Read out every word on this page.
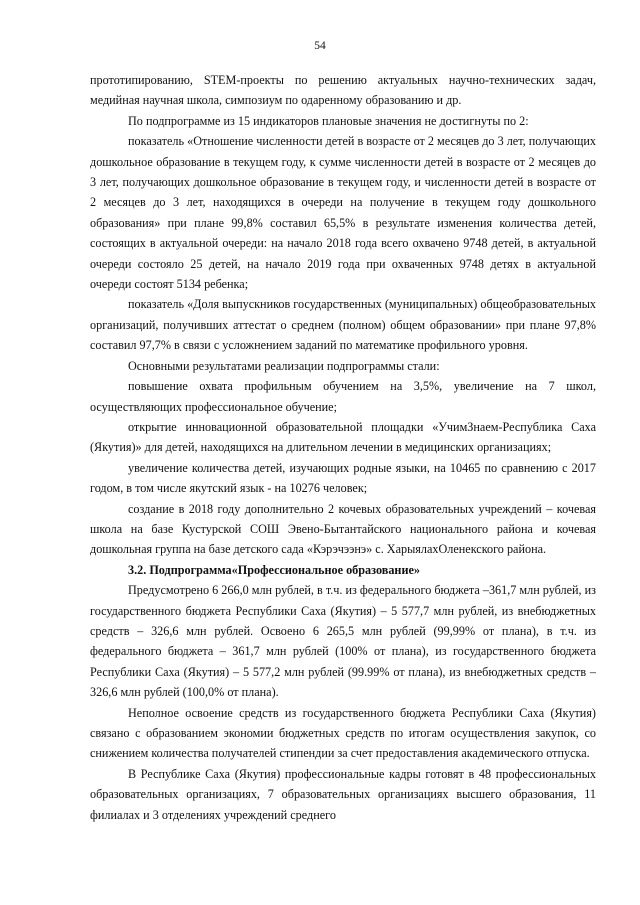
54

прототипированию, STEM-проекты по решению актуальных научно-технических задач, медийная научная школа, симпозиум по одаренному образованию и др.

По подпрограмме из 15 индикаторов плановые значения не достигнуты по 2:

показатель «Отношение численности детей в возрасте от 2 месяцев до 3 лет, получающих дошкольное образование в текущем году, к сумме численности детей в возрасте от 2 месяцев до 3 лет, получающих дошкольное образование в текущем году, и численности детей в возрасте от 2 месяцев до 3 лет, находящихся в очереди на получение в текущем году дошкольного образования» при плане 99,8% составил 65,5% в результате изменения количества детей, состоящих в актуальной очереди: на начало 2018 года всего охвачено 9748 детей, в актуальной очереди состояло 25 детей, на начало 2019 года при охваченных 9748 детях в актуальной очереди состоят 5134 ребенка;

показатель «Доля выпускников государственных (муниципальных) общеобразовательных организаций, получивших аттестат о среднем (полном) общем образовании» при плане 97,8% составил 97,7% в связи с усложнением заданий по математике профильного уровня.

Основными результатами реализации подпрограммы стали:

повышение охвата профильным обучением на 3,5%, увеличение на 7 школ, осуществляющих профессиональное обучение;

открытие инновационной образовательной площадки «УчимЗнаем-Республика Саха (Якутия)» для детей, находящихся на длительном лечении в медицинских организациях;

увеличение количества детей, изучающих родные языки, на 10465 по сравнению с 2017 годом, в том числе якутский язык - на 10276 человек;

создание в 2018 году дополнительно 2 кочевых образовательных учреждений – кочевая школа на базе Кустурской СОШ Эвено-Бытантайского национального района и кочевая дошкольная группа на базе детского сада «Кэрэчээнэ» с. ХарыялахОленекского района.

3.2. Подпрограмма«Профессиональное образование»

Предусмотрено 6 266,0 млн рублей, в т.ч. из федерального бюджета –361,7 млн рублей, из государственного бюджета Республики Саха (Якутия) – 5 577,7 млн рублей, из внебюджетных средств – 326,6 млн рублей. Освоено 6 265,5 млн рублей (99,99% от плана), в т.ч. из федерального бюджета – 361,7 млн рублей (100% от плана), из государственного бюджета Республики Саха (Якутия) – 5 577,2 млн рублей (99.99% от плана), из внебюджетных средств – 326,6 млн рублей (100,0% от плана).

Неполное освоение средств из государственного бюджета Республики Саха (Якутия) связано с образованием экономии бюджетных средств по итогам осуществления закупок, со снижением количества получателей стипендии за счет предоставления академического отпуска.

В Республике Саха (Якутия) профессиональные кадры готовят в 48 профессиональных образовательных организациях, 7 образовательных организациях высшего образования, 11 филиалах и 3 отделениях учреждений среднего
